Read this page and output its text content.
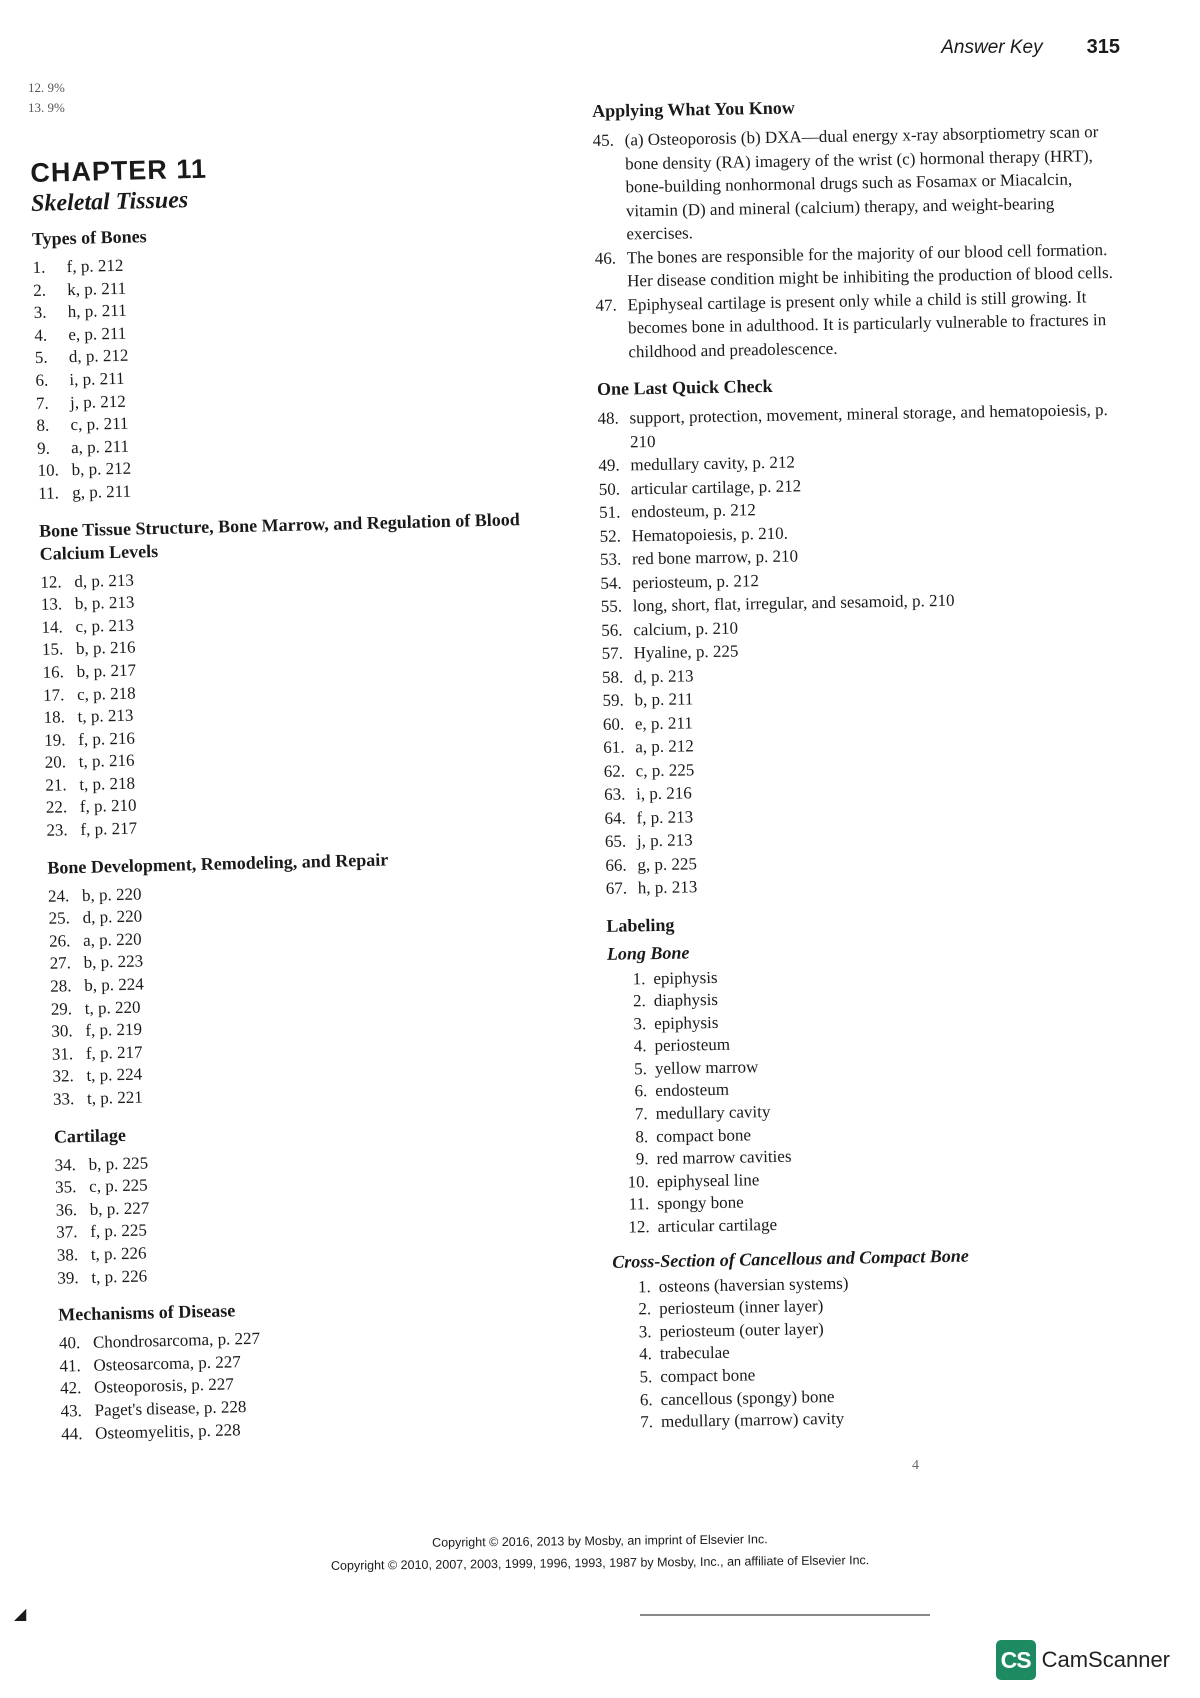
Answer Key 315
12. 9%
13. 9%
CHAPTER 11
Skeletal Tissues
Types of Bones
1.	f, p. 212
2.	k, p. 211
3.	h, p. 211
4.	e, p. 211
5.	d, p. 212
6.	i, p. 211
7.	j, p. 212
8.	c, p. 211
9.	a, p. 211
10. b, p. 212
11. g, p. 211
Bone Tissue Structure, Bone Marrow, and Regulation of Blood Calcium Levels
12. d, p. 213
13. b, p. 213
14. c, p. 213
15. b, p. 216
16. b, p. 217
17. c, p. 218
18. t, p. 213
19. f, p. 216
20. t, p. 216
21. t, p. 218
22. f, p. 210
23. f, p. 217
Bone Development, Remodeling, and Repair
24. b, p. 220
25. d, p. 220
26. a, p. 220
27. b, p. 223
28. b, p. 224
29. t, p. 220
30. f, p. 219
31. f, p. 217
32. t, p. 224
33. t, p. 221
Cartilage
34. b, p. 225
35. c, p. 225
36. b, p. 227
37. f, p. 225
38. t, p. 226
39. t, p. 226
Mechanisms of Disease
40. Chondrosarcoma, p. 227
41. Osteosarcoma, p. 227
42. Osteoporosis, p. 227
43. Paget's disease, p. 228
44. Osteomyelitis, p. 228
Applying What You Know
45. (a) Osteoporosis (b) DXA—dual energy x-ray absorptiometry scan or bone density (RA) imagery of the wrist (c) hormonal therapy (HRT), bone-building nonhormonal drugs such as Fosamax or Miacalcin, vitamin (D) and mineral (calcium) therapy, and weight-bearing exercises.
46. The bones are responsible for the majority of our blood cell formation. Her disease condition might be inhibiting the production of blood cells.
47. Epiphyseal cartilage is present only while a child is still growing. It becomes bone in adulthood. It is particularly vulnerable to fractures in childhood and preadolescence.
One Last Quick Check
48. support, protection, movement, mineral storage, and hematopoiesis, p. 210
49. medullary cavity, p. 212
50. articular cartilage, p. 212
51. endosteum, p. 212
52. Hematopoiesis, p. 210.
53. red bone marrow, p. 210
54. periosteum, p. 212
55. long, short, flat, irregular, and sesamoid, p. 210
56. calcium, p. 210
57. Hyaline, p. 225
58. d, p. 213
59. b, p. 211
60. e, p. 211
61. a, p. 212
62. c, p. 225
63. i, p. 216
64. f, p. 213
65. j, p. 213
66. g, p. 225
67. h, p. 213
Labeling
Long Bone
1. epiphysis
2. diaphysis
3. epiphysis
4. periosteum
5. yellow marrow
6. endosteum
7. medullary cavity
8. compact bone
9. red marrow cavities
10. epiphyseal line
11. spongy bone
12. articular cartilage
Cross-Section of Cancellous and Compact Bone
1. osteons (haversian systems)
2. periosteum (inner layer)
3. periosteum (outer layer)
4. trabeculae
5. compact bone
6. cancellous (spongy) bone
7. medullary (marrow) cavity
4
Copyright © 2016, 2013 by Mosby, an imprint of Elsevier Inc.
Copyright © 2010, 2007, 2003, 1999, 1996, 1993, 1987 by Mosby, Inc., an affiliate of Elsevier Inc.
◢
CS CamScanner
